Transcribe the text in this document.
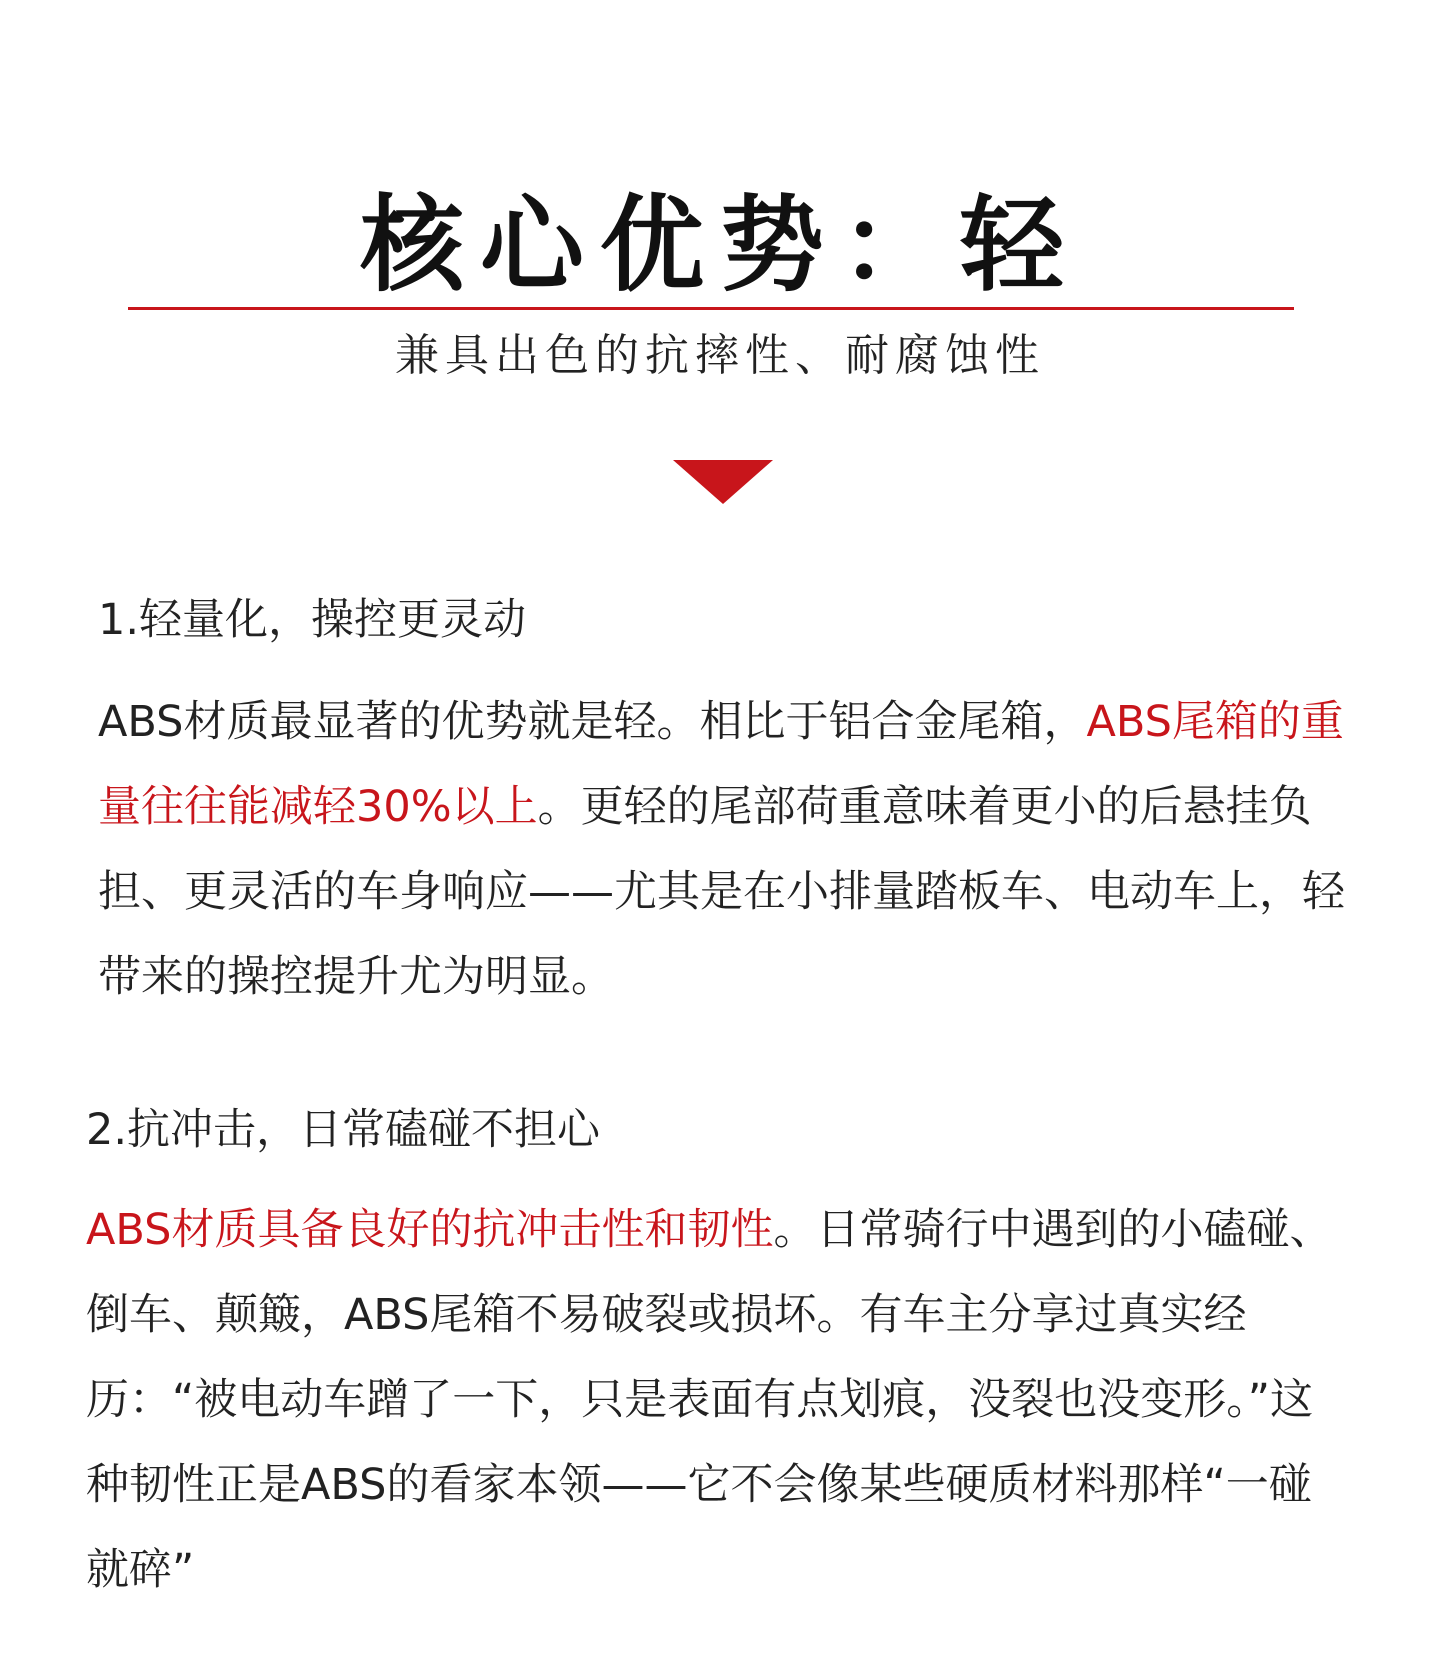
核心优势：轻

兼具出色的抗摔性、耐腐蚀性

1.轻量化，操控更灵动

ABS材质最显著的优势就是轻。相比于铝合金尾箱，ABS尾箱的重量往往能减轻30%以上。更轻的尾部荷重意味着更小的后悬挂负担、更灵活的车身响应——尤其是在小排量踏板车、电动车上，轻带来的操控提升尤为明显。

2.抗冲击，日常磕碰不担心

ABS材质具备良好的抗冲击性和韧性。日常骑行中遇到的小磕碰、倒车、颠簸，ABS尾箱不易破裂或损坏。有车主分享过真实经历：“被电动车蹭了一下，只是表面有点划痕，没裂也没变形。”这种韧性正是ABS的看家本领——它不会像某些硬质材料那样“一碰就碎”
